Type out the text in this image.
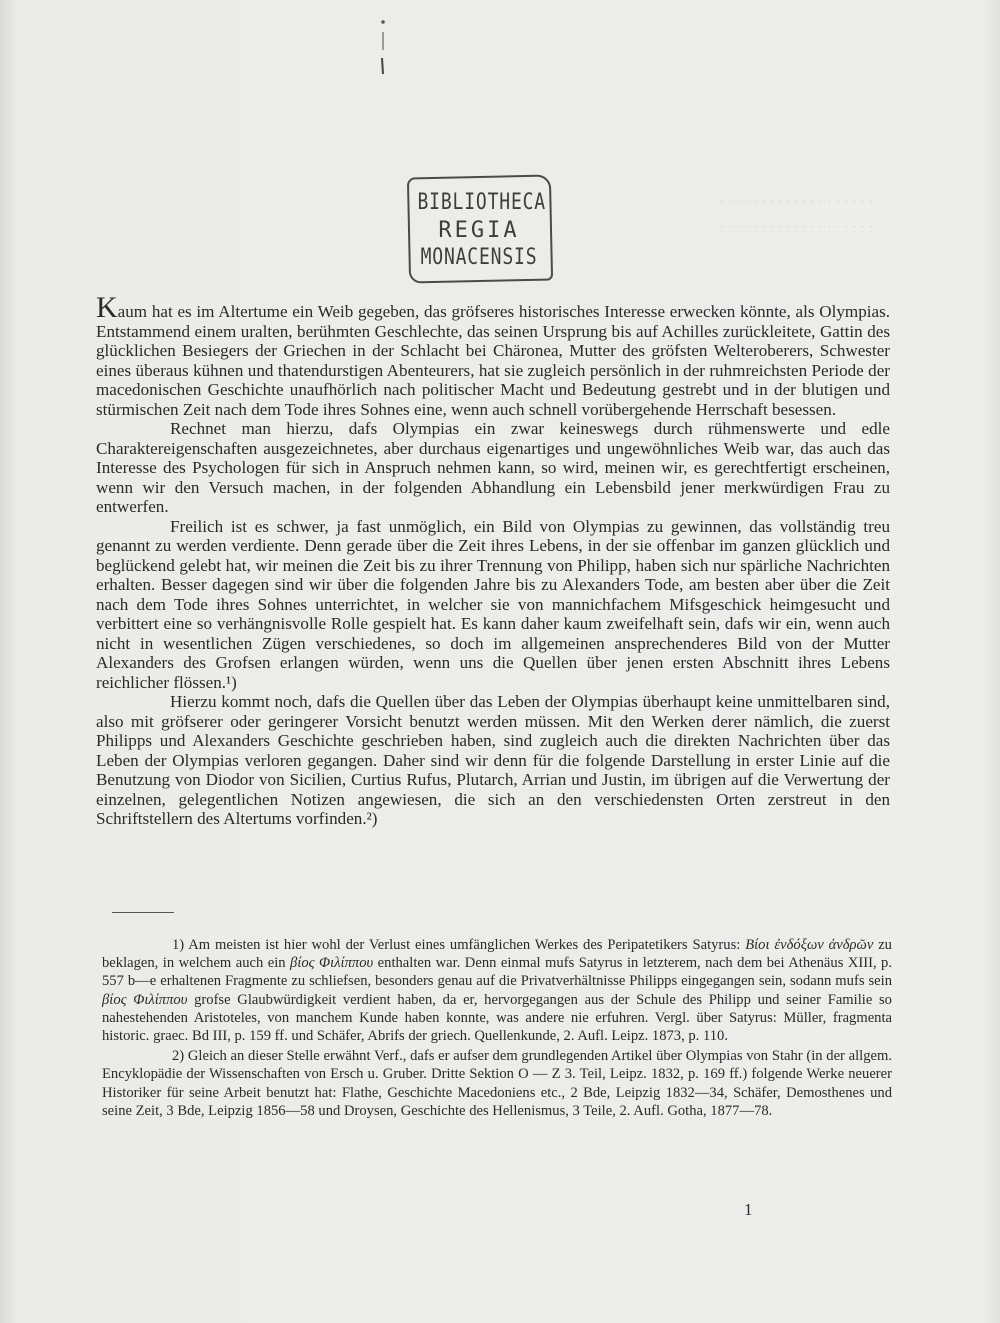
· · · · · · · · · · · · · · · · · · ·
· · · · · · · · · · · · · · · · · · ·
BIBLIOTHECA
REGIA
MONACENSIS

Kaum hat es im Altertume ein Weib gegeben, das gröfseres historisches Interesse erwecken könnte, als Olympias. Entstammend einem uralten, berühmten Geschlechte, das seinen Ursprung bis auf Achilles zurückleitete, Gattin des glücklichen Besiegers der Griechen in der Schlacht bei Chäronea, Mutter des gröfsten Welteroberers, Schwester eines überaus kühnen und thatendurstigen Abenteurers, hat sie zugleich persönlich in der ruhmreichsten Periode der macedonischen Geschichte unaufhörlich nach politischer Macht und Bedeutung gestrebt und in der blutigen und stürmischen Zeit nach dem Tode ihres Sohnes eine, wenn auch schnell vorübergehende Herrschaft besessen.

Rechnet man hierzu, dafs Olympias ein zwar keineswegs durch rühmenswerte und edle Charaktereigenschaften ausgezeichnetes, aber durchaus eigenartiges und ungewöhnliches Weib war, das auch das Interesse des Psychologen für sich in Anspruch nehmen kann, so wird, meinen wir, es gerechtfertigt erscheinen, wenn wir den Versuch machen, in der folgenden Abhandlung ein Lebensbild jener merkwürdigen Frau zu entwerfen.

Freilich ist es schwer, ja fast unmöglich, ein Bild von Olympias zu gewinnen, das vollständig treu genannt zu werden verdiente. Denn gerade über die Zeit ihres Lebens, in der sie offenbar im ganzen glücklich und beglückend gelebt hat, wir meinen die Zeit bis zu ihrer Trennung von Philipp, haben sich nur spärliche Nachrichten erhalten. Besser dagegen sind wir über die folgenden Jahre bis zu Alexanders Tode, am besten aber über die Zeit nach dem Tode ihres Sohnes unterrichtet, in welcher sie von mannichfachem Mifsgeschick heimgesucht und verbittert eine so verhängnisvolle Rolle gespielt hat. Es kann daher kaum zweifelhaft sein, dafs wir ein, wenn auch nicht in wesentlichen Zügen verschiedenes, so doch im allgemeinen ansprechenderes Bild von der Mutter Alexanders des Grofsen erlangen würden, wenn uns die Quellen über jenen ersten Abschnitt ihres Lebens reichlicher flössen.¹)

Hierzu kommt noch, dafs die Quellen über das Leben der Olympias überhaupt keine unmittelbaren sind, also mit gröfserer oder geringerer Vorsicht benutzt werden müssen. Mit den Werken derer nämlich, die zuerst Philipps und Alexanders Geschichte geschrieben haben, sind zugleich auch die direkten Nachrichten über das Leben der Olympias verloren gegangen. Daher sind wir denn für die folgende Darstellung in erster Linie auf die Benutzung von Diodor von Sicilien, Curtius Rufus, Plutarch, Arrian und Justin, im übrigen auf die Verwertung der einzelnen, gelegentlichen Notizen angewiesen, die sich an den verschiedensten Orten zerstreut in den Schriftstellern des Altertums vorfinden.²)

1) Am meisten ist hier wohl der Verlust eines umfänglichen Werkes des Peripatetikers Satyrus: Βίοι ἐνδόξων ἀνδρῶν zu beklagen, in welchem auch ein βίος Φιλίππου enthalten war. Denn einmal mufs Satyrus in letzterem, nach dem bei Athenäus XIII, p. 557 b—e erhaltenen Fragmente zu schliefsen, besonders genau auf die Privatverhältnisse Philipps eingegangen sein, sodann mufs sein βίος Φιλίππου grofse Glaubwürdigkeit verdient haben, da er, hervorgegangen aus der Schule des Philipp und seiner Familie so nahestehenden Aristoteles, von manchem Kunde haben konnte, was andere nie erfuhren. Vergl. über Satyrus: Müller, fragmenta historic. graec. Bd III, p. 159 ff. und Schäfer, Abrifs der griech. Quellenkunde, 2. Aufl. Leipz. 1873, p. 110.

2) Gleich an dieser Stelle erwähnt Verf., dafs er aufser dem grundlegenden Artikel über Olympias von Stahr (in der allgem. Encyklopädie der Wissenschaften von Ersch u. Gruber. Dritte Sektion O — Z 3. Teil, Leipz. 1832, p. 169 ff.) folgende Werke neuerer Historiker für seine Arbeit benutzt hat: Flathe, Geschichte Macedoniens etc., 2 Bde, Leipzig 1832—34, Schäfer, Demosthenes und seine Zeit, 3 Bde, Leipzig 1856—58 und Droysen, Geschichte des Hellenismus, 3 Teile, 2. Aufl. Gotha, 1877—78.

1
